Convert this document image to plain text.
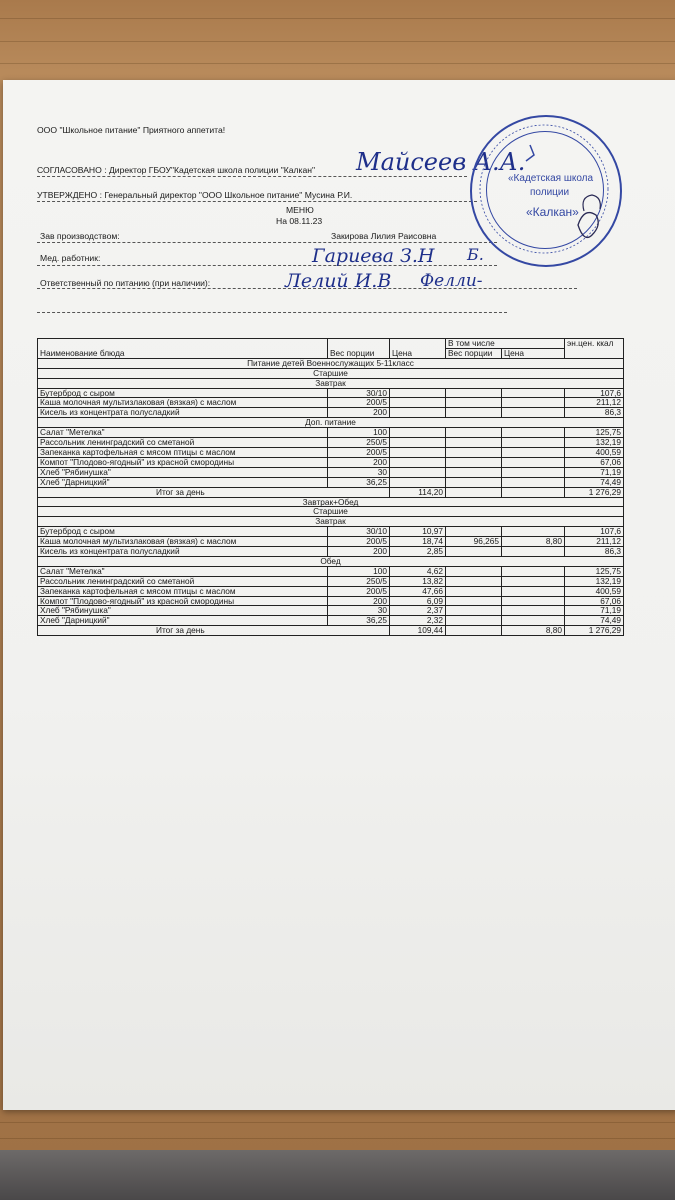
ООО "Школьное питание" Приятного аппетита!
СОГЛАСОВАНО : Директор ГБОУ"Кадетская школа полиции "Калкан"
УТВЕРЖДЕНО : Генеральный директор "ООО Школьное питание" Мусина Р.И.
МЕНЮ
На 08.11.23
Зав производством:	Закирова Лилия Раисовна
Мед. работник:
Ответственный по питанию (при наличии):
Майсеев А.А.
Гариева З.Н Б.
Лелий И.В Фелли-
«Кадетская школа
полиции
«Калкан»
Наименование блюда	Вес порции	Цена	В том числе		эн.цен. ккал
			Вес порции	Цена	
Питание детей Военнослужащих 5-11класс					
Старшие					
Завтрак					
Бутерброд с сыром	30/10				107,6
Каша молочная мультизлаковая (вязкая) с маслом	200/5				211,12
Кисель из концентрата полусладкий	200				86,3
Доп. питание					
Салат "Метелка"	100				125,75
Рассольник ленинградский со сметаной	250/5				132,19
Запеканка картофельная с мясом птицы с маслом	200/5				400,59
Компот "Плодово-ягодный" из красной смородины	200				67,06
Хлеб "Рябинушка"	30				71,19
Хлеб "Дарницкий"	36,25				74,49
Итог за день		114,20			1 276,29
Завтрак+Обед					
Старшие					
Завтрак					
Бутерброд с сыром	30/10	10,97			107,6
Каша молочная мультизлаковая (вязкая) с маслом	200/5	18,74	96,265	8,80	211,12
Кисель из концентрата полусладкий	200	2,85			86,3
Обед					
Салат "Метелка"	100	4,62			125,75
Рассольник ленинградский со сметаной	250/5	13,82			132,19
Запеканка картофельная с мясом птицы с маслом	200/5	47,66			400,59
Компот "Плодово-ягодный" из красной смородины	200	6,09			67,06
Хлеб "Рябинушка"	30	2,37			71,19
Хлеб "Дарницкий"	36,25	2,32			74,49
Итог за день		109,44		8,80	1 276,29
